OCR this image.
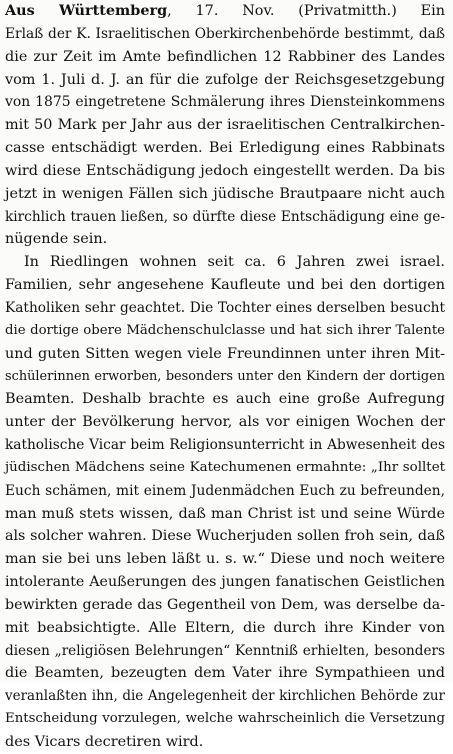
Aus Württemberg, 17. Nov. (Privatmitth.) Ein
Erlaß der K. Israelitischen Oberkirchenbehörde bestimmt, daß
die zur Zeit im Amte befindlichen 12 Rabbiner des Landes
vom 1. Juli d. J. an für die zufolge der Reichsgesetzgebung
von 1875 eingetretene Schmälerung ihres Diensteinkommens
mit 50 Mark per Jahr aus der israelitischen Centralkirchen-
casse entschädigt werden. Bei Erledigung eines Rabbinats
wird diese Entschädigung jedoch eingestellt werden. Da bis
jetzt in wenigen Fällen sich jüdische Brautpaare nicht auch
kirchlich trauen ließen, so dürfte diese Entschädigung eine ge-
nügende sein.
In Riedlingen wohnen seit ca. 6 Jahren zwei israel.
Familien, sehr angesehene Kaufleute und bei den dortigen
Katholiken sehr geachtet. Die Tochter eines derselben besucht
die dortige obere Mädchenschulclasse und hat sich ihrer Talente
und guten Sitten wegen viele Freundinnen unter ihren Mit-
schülerinnen erworben, besonders unter den Kindern der dortigen
Beamten. Deshalb brachte es auch eine große Aufregung
unter der Bevölkerung hervor, als vor einigen Wochen der
katholische Vicar beim Religionsunterricht in Abwesenheit des
jüdischen Mädchens seine Katechumenen ermahnte: „Ihr solltet
Euch schämen, mit einem Judenmädchen Euch zu befreunden,
man muß stets wissen, daß man Christ ist und seine Würde
als solcher wahren. Diese Wucherjuden sollen froh sein, daß
man sie bei uns leben läßt u. s. w.“ Diese und noch weitere
intolerante Aeußerungen des jungen fanatischen Geistlichen
bewirkten gerade das Gegentheil von Dem, was derselbe da-
mit beabsichtigte. Alle Eltern, die durch ihre Kinder von
diesen „religiösen Belehrungen“ Kenntniß erhielten, besonders
die Beamten, bezeugten dem Vater ihre Sympathieen und
veranlaßten ihn, die Angelegenheit der kirchlichen Behörde zur
Entscheidung vorzulegen, welche wahrscheinlich die Versetzung
des Vicars decretiren wird.
